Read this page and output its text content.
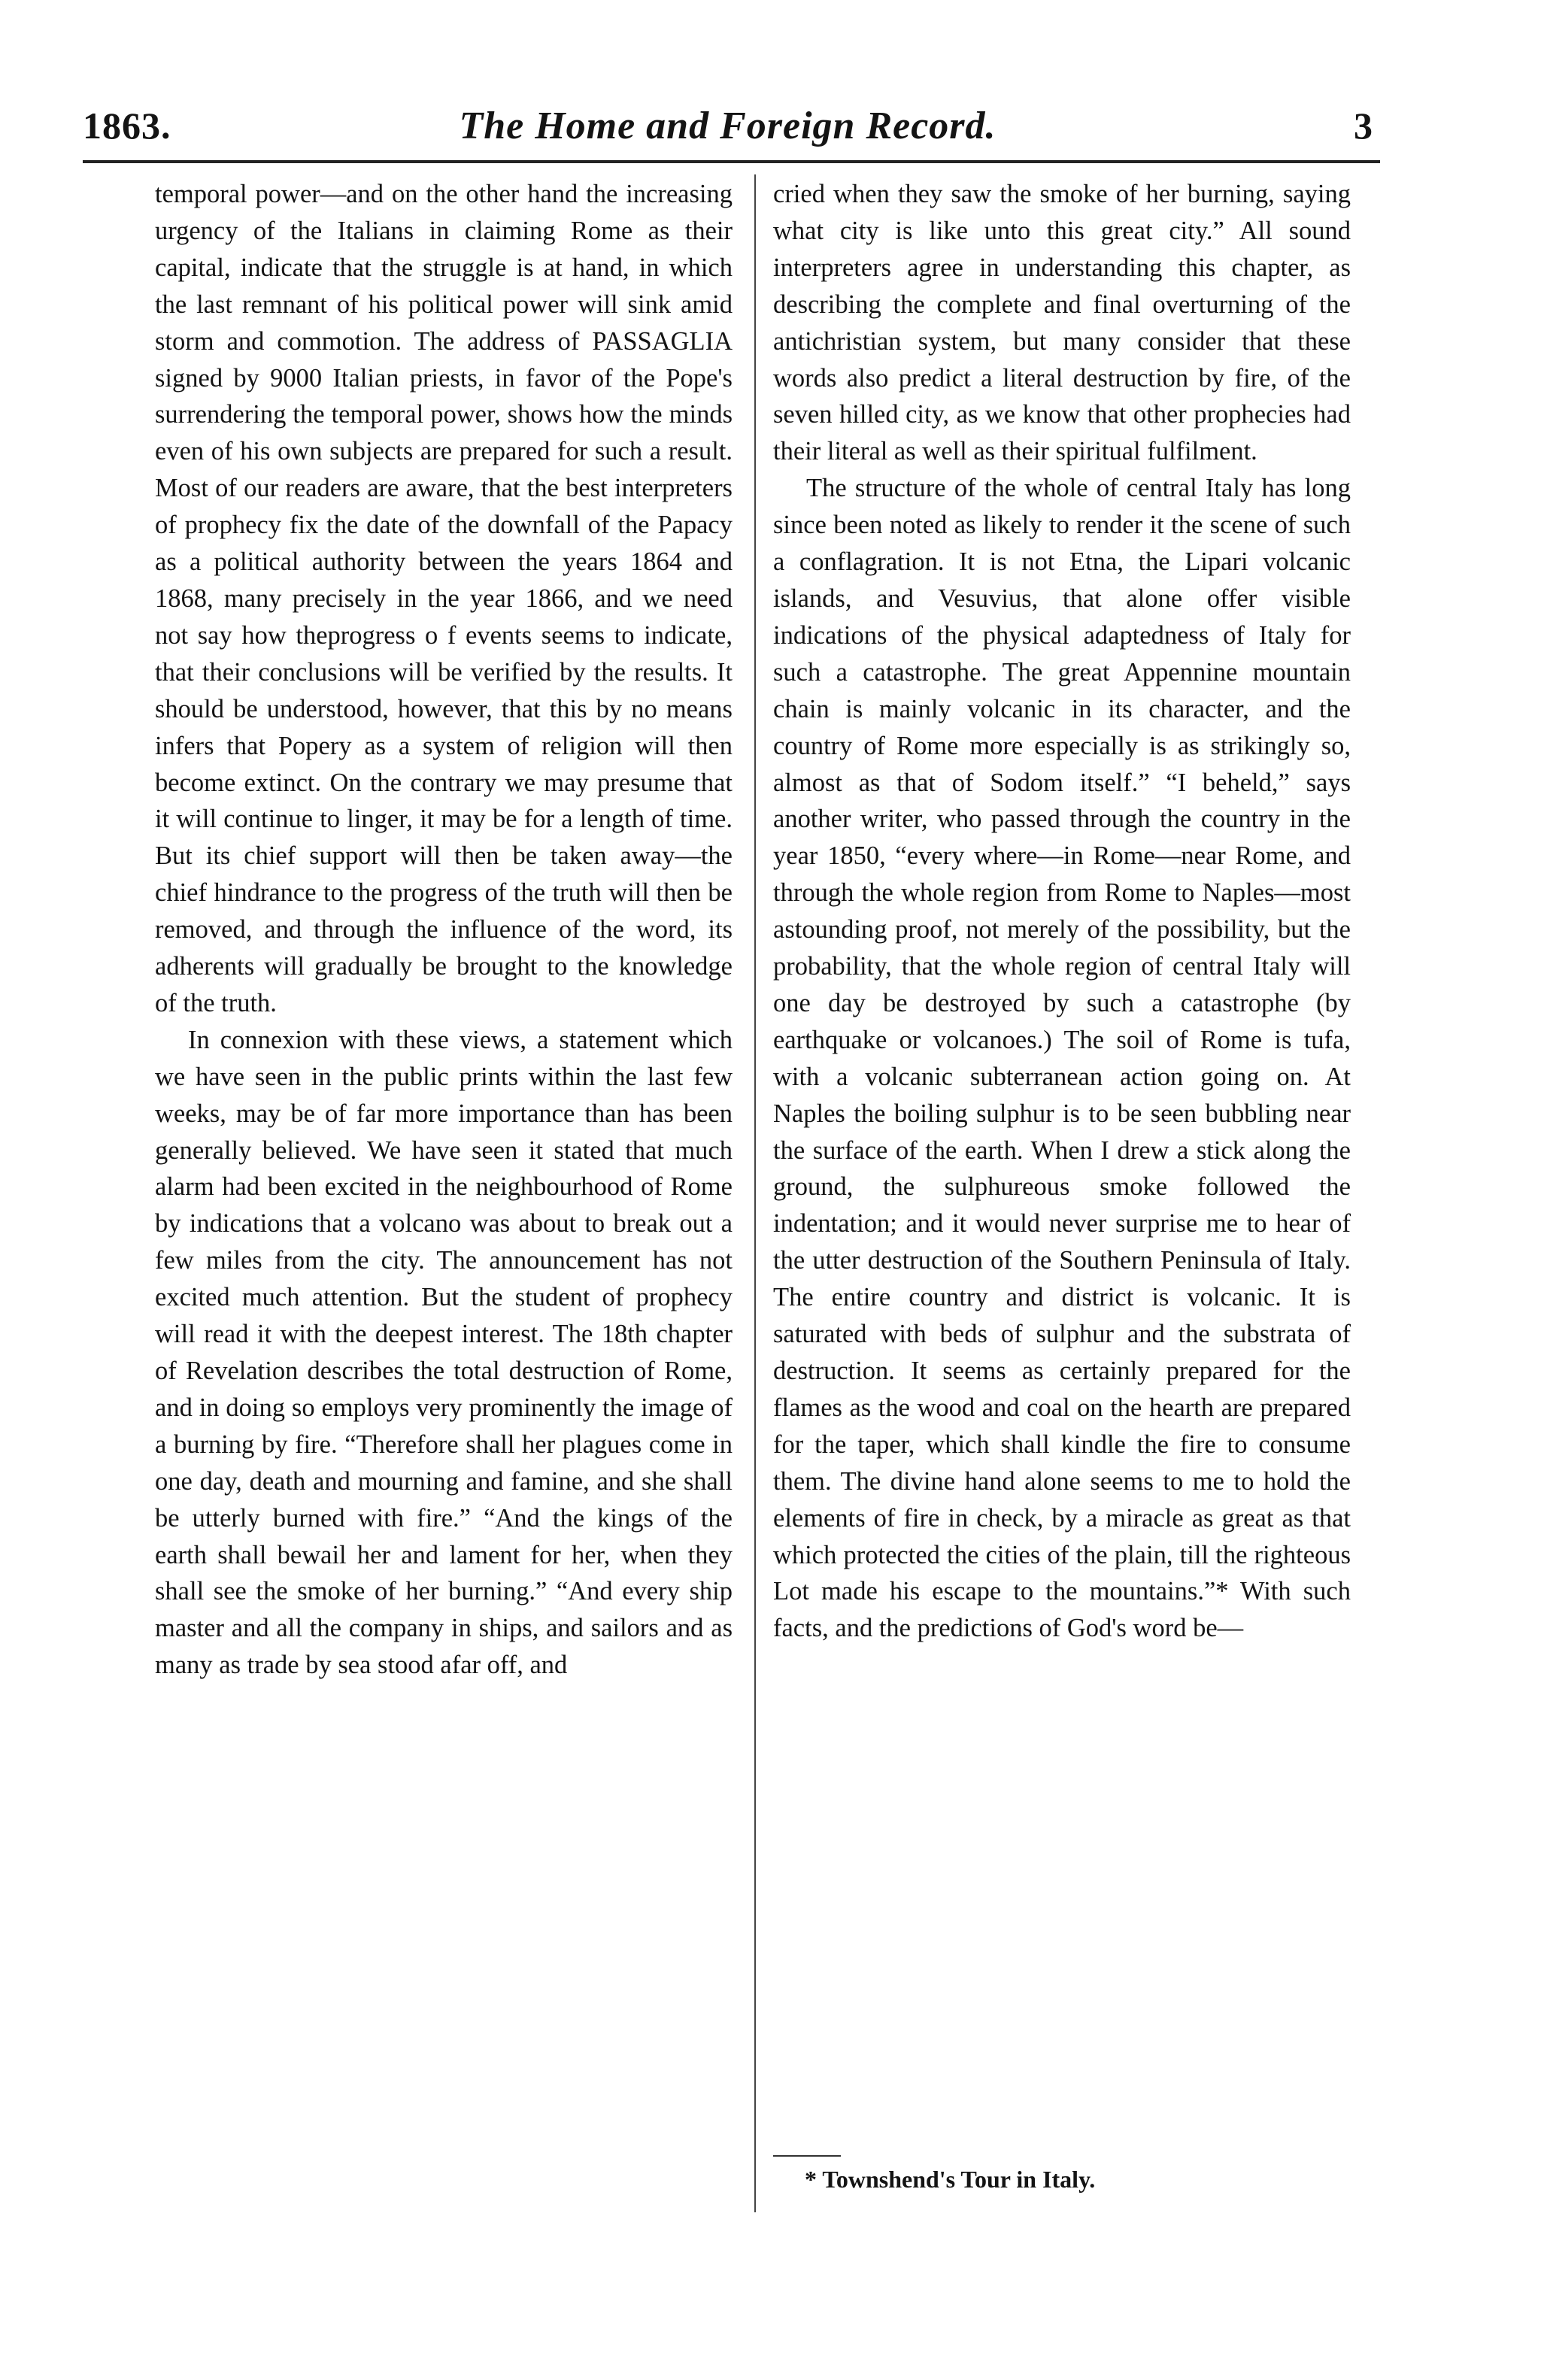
1863.	The Home and Foreign Record.	3

temporal power—and on the other hand the increasing urgency of the Italians in claiming Rome as their capital, indicate that the struggle is at hand, in which the last remnant of his political power will sink amid storm and commotion. The address of PASSAGLIA signed by 9000 Italian priests, in favor of the Pope's surrendering the temporal power, shows how the minds even of his own subjects are prepared for such a result. Most of our readers are aware, that the best interpreters of prophecy fix the date of the downfall of the Papacy as a political authority between the years 1864 and 1868, many precisely in the year 1866, and we need not say how theprogress o f events seems to indicate, that their conclusions will be verified by the results. It should be understood, however, that this by no means infers that Popery as a system of religion will then become extinct. On the contrary we may presume that it will continue to linger, it may be for a length of time. But its chief support will then be taken away—the chief hindrance to the progress of the truth will then be removed, and through the influence of the word, its adherents will gradually be brought to the knowledge of the truth.

In connexion with these views, a statement which we have seen in the public prints within the last few weeks, may be of far more importance than has been generally believed. We have seen it stated that much alarm had been excited in the neighbourhood of Rome by indications that a volcano was about to break out a few miles from the city. The announcement has not excited much attention. But the student of prophecy will read it with the deepest interest. The 18th chapter of Revelation describes the total destruction of Rome, and in doing so employs very prominently the image of a burning by fire. “Therefore shall her plagues come in one day, death and mourning and famine, and she shall be utterly burned with fire.” “And the kings of the earth shall bewail her and lament for her, when they shall see the smoke of her burning.” “And every ship master and all the company in ships, and sailors and as many as trade by sea stood afar off, and

cried when they saw the smoke of her burning, saying what city is like unto this great city.” All sound interpreters agree in understanding this chapter, as describing the complete and final overturning of the antichristian system, but many consider that these words also predict a literal destruction by fire, of the seven hilled city, as we know that other prophecies had their literal as well as their spiritual fulfilment.

The structure of the whole of central Italy has long since been noted as likely to render it the scene of such a conflagration. It is not Etna, the Lipari volcanic islands, and Vesuvius, that alone offer visible indications of the physical adaptedness of Italy for such a catastrophe. The great Appennine mountain chain is mainly volcanic in its character, and the country of Rome more especially is as strikingly so, almost as that of Sodom itself.” “I beheld,” says another writer, who passed through the country in the year 1850, “every where—in Rome—near Rome, and through the whole region from Rome to Naples—most astounding proof, not merely of the possibility, but the probability, that the whole region of central Italy will one day be destroyed by such a catastrophe (by earthquake or volcanoes.) The soil of Rome is tufa, with a volcanic subterranean action going on. At Naples the boiling sulphur is to be seen bubbling near the surface of the earth. When I drew a stick along the ground, the sulphureous smoke followed the indentation; and it would never surprise me to hear of the utter destruction of the Southern Peninsula of Italy. The entire country and district is volcanic. It is saturated with beds of sulphur and the substrata of destruction. It seems as certainly prepared for the flames as the wood and coal on the hearth are prepared for the taper, which shall kindle the fire to consume them. The divine hand alone seems to me to hold the elements of fire in check, by a miracle as great as that which protected the cities of the plain, till the righteous Lot made his escape to the mountains.”* With such facts, and the predictions of God's word be—

* Townshend's Tour in Italy.
